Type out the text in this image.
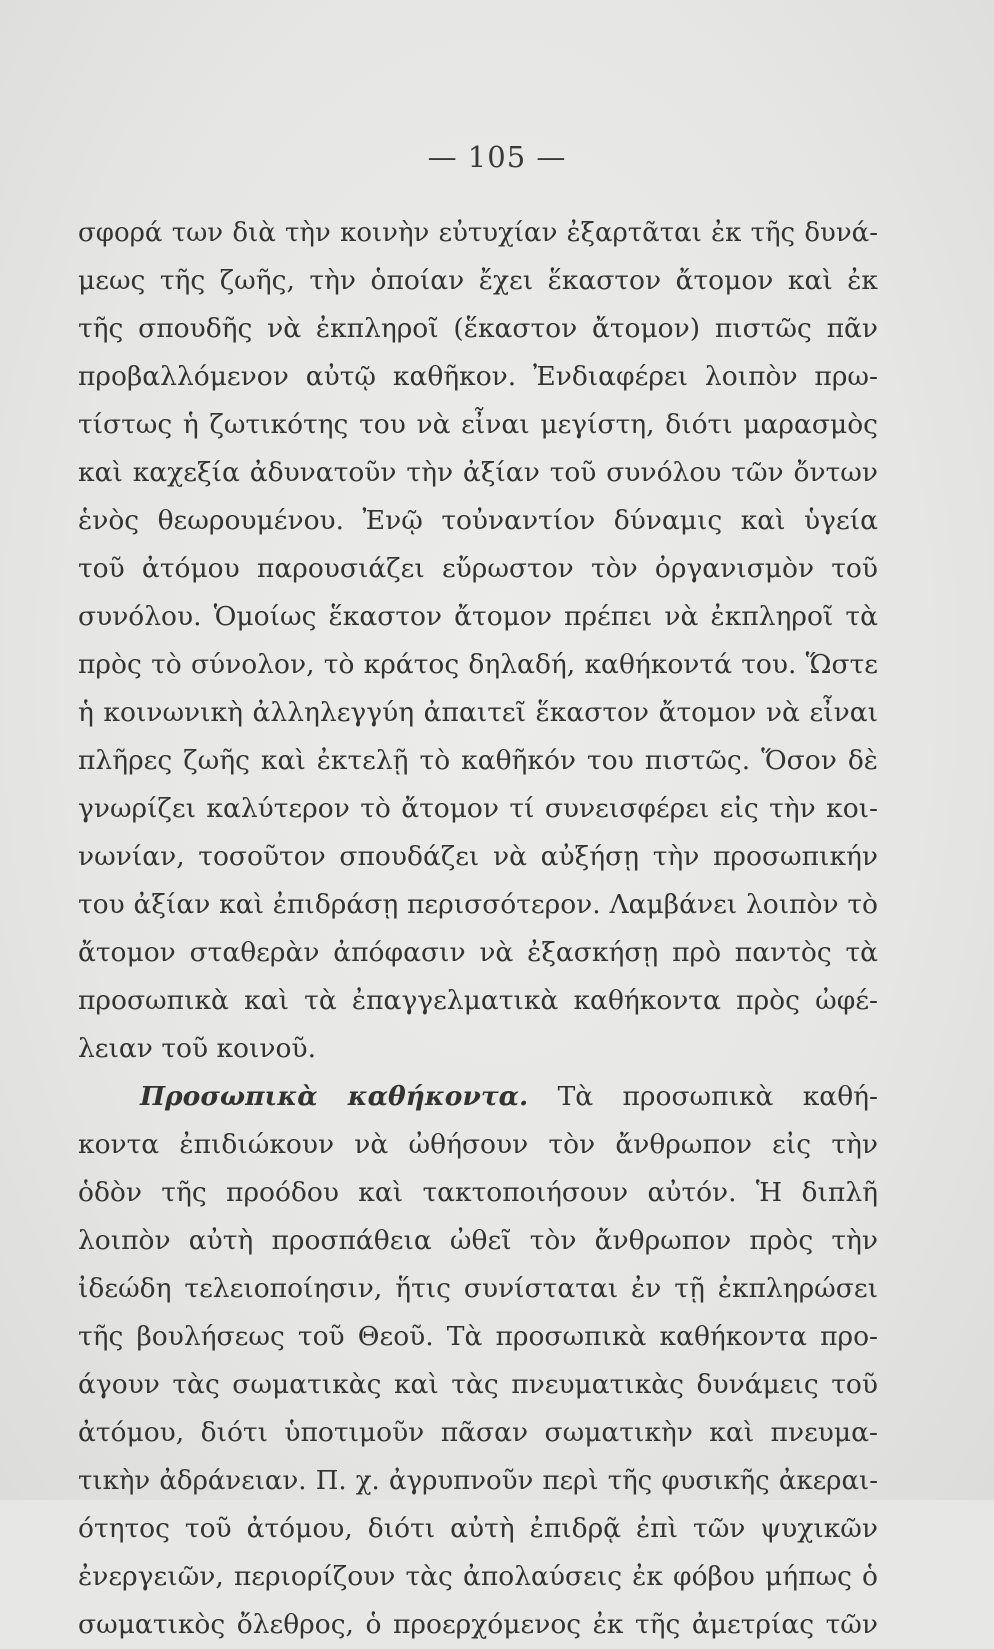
— 105 —
σφορά των διὰ τὴν κοινὴν εὐτυχίαν ἐξαρτᾶται ἐκ τῆς δυνά-
μεως τῆς ζωῆς, τὴν ὁποίαν ἔχει ἕκαστον ἄτομον καὶ ἐκ
τῆς σπουδῆς νὰ ἐκπληροῖ (ἕκαστον ἄτομον) πιστῶς πᾶν
προβαλλόμενον αὐτῷ καθῆκον. Ἐνδιαφέρει λοιπὸν πρω-
τίστως ἡ ζωτικότης του νὰ εἶναι μεγίστη, διότι μαρασμὸς
καὶ καχεξία ἀδυνατοῦν τὴν ἀξίαν τοῦ συνόλου τῶν ὄντων
ἑνὸς θεωρουμένου. Ἐνῷ τοὐναντίον δύναμις καὶ ὑγεία
τοῦ ἀτόμου παρουσιάζει εὔρωστον τὸν ὀργανισμὸν τοῦ
συνόλου. Ὁμοίως ἕκαστον ἄτομον πρέπει νὰ ἐκπληροῖ τὰ
πρὸς τὸ σύνολον, τὸ κράτος δηλαδή, καθήκοντά του. Ὥστε
ἡ κοινωνικὴ ἀλληλεγγύη ἀπαιτεῖ ἕκαστον ἄτομον νὰ εἶναι
πλῆρες ζωῆς καὶ ἐκτελῇ τὸ καθῆκόν του πιστῶς. Ὅσον δὲ
γνωρίζει καλύτερον τὸ ἄτομον τί συνεισφέρει εἰς τὴν κοι-
νωνίαν, τοσοῦτον σπουδάζει νὰ αὐξήσῃ τὴν προσωπικήν
του ἀξίαν καὶ ἐπιδράσῃ περισσότερον. Λαμβάνει λοιπὸν τὸ
ἄτομον σταθερὰν ἀπόφασιν νὰ ἐξασκήσῃ πρὸ παντὸς τὰ
προσωπικὰ καὶ τὰ ἐπαγγελματικὰ καθήκοντα πρὸς ὠφέ-
λειαν τοῦ κοινοῦ.
Προσωπικὰ καθήκοντα. Τὰ προσωπικὰ καθή-
κοντα ἐπιδιώκουν νὰ ὠθήσουν τὸν ἄνθρωπον εἰς τὴν
ὁδὸν τῆς προόδου καὶ τακτοποιήσουν αὐτόν. Ἡ διπλῆ
λοιπὸν αὐτὴ προσπάθεια ὠθεῖ τὸν ἄνθρωπον πρὸς τὴν
ἰδεώδη τελειοποίησιν, ἥτις συνίσταται ἐν τῇ ἐκπληρώσει
τῆς βουλήσεως τοῦ Θεοῦ. Τὰ προσωπικὰ καθήκοντα προ-
άγουν τὰς σωματικὰς καὶ τὰς πνευματικὰς δυνάμεις τοῦ
ἀτόμου, διότι ὑποτιμοῦν πᾶσαν σωματικὴν καὶ πνευμα-
τικὴν ἀδράνειαν. Π. χ. ἀγρυπνοῦν περὶ τῆς φυσικῆς ἀκεραι-
ότητος τοῦ ἀτόμου, διότι αὐτὴ ἐπιδρᾷ ἐπὶ τῶν ψυχικῶν
ἐνεργειῶν, περιορίζουν τὰς ἀπολαύσεις ἐκ φόβου μήπως ὁ
σωματικὸς ὄλεθρος, ὁ προερχόμενος ἐκ τῆς ἀμετρίας τῶν
